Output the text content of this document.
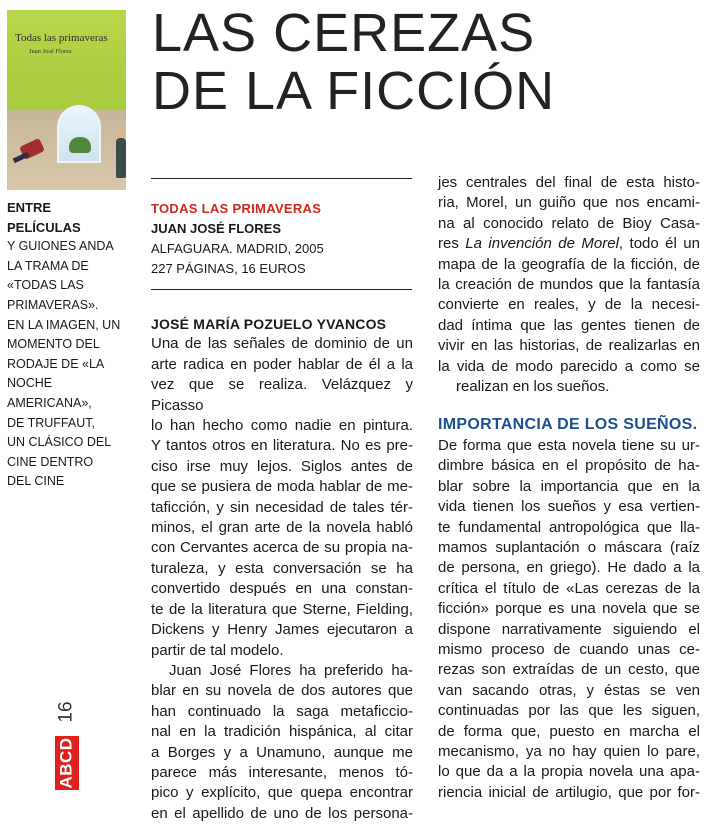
LAS CEREZAS
DE LA FICCIÓN
Todas las primaveras
Juan José Flores
ENTRE
PELÍCULAS
Y GUIONES ANDA
LA TRAMA DE
«TODAS LAS
PRIMAVERAS».
EN LA IMAGEN, UN
MOMENTO DEL
RODAJE DE «LA
NOCHE
AMERICANA»,
DE TRUFFAUT,
UN CLÁSICO DEL
CINE DENTRO
DEL CINE
16
ABCD
TODAS LAS PRIMAVERAS
JUAN JOSÉ FLORES
ALFAGUARA. MADRID, 2005
227 PÁGINAS, 16 EUROS
JOSÉ MARÍA POZUELO YVANCOS
Una de las señales de dominio de un
arte radica en poder hablar de él a la
vez que se realiza. Velázquez y Picasso
lo han hecho como nadie en pintura.
Y tantos otros en literatura. No es pre-
ciso irse muy lejos. Siglos antes de
que se pusiera de moda hablar de me-
taficción, y sin necesidad de tales tér-
minos, el gran arte de la novela habló
con Cervantes acerca de su propia na-
turaleza, y esta conversación se ha
convertido después en una constan-
te de la literatura que Sterne, Fielding,
Dickens y Henry James ejecutaron a
partir de tal modelo.
Juan José Flores ha preferido ha-
blar en su novela de dos autores que
han continuado la saga metaficcio-
nal en la tradición hispánica, al citar
a Borges y a Unamuno, aunque me
parece más interesante, menos tó-
pico y explícito, que quepa encontrar
en el apellido de uno de los persona-
jes centrales del final de esta histo-
ria, Morel, un guiño que nos encami-
na al conocido relato de Bioy Casa-
res La invención de Morel, todo él un
mapa de la geografía de la ficción, de
la creación de mundos que la fantasía
convierte en reales, y de la necesi-
dad íntima que las gentes tienen de
vivir en las historias, de realizarlas en
la vida de modo parecido a como se
realizan en los sueños.
IMPORTANCIA DE LOS SUEÑOS.
De forma que esta novela tiene su ur-
dimbre básica en el propósito de ha-
blar sobre la importancia que en la
vida tienen los sueños y esa vertien-
te fundamental antropológica que lla-
mamos suplantación o máscara (raíz
de persona, en griego). He dado a la
crítica el título de «Las cerezas de la
ficción» porque es una novela que se
dispone narrativamente siguiendo el
mismo proceso de cuando unas ce-
rezas son extraídas de un cesto, que
van sacando otras, y éstas se ven
continuadas por las que les siguen,
de forma que, puesto en marcha el
mecanismo, ya no hay quien lo pare,
lo que da a la propia novela una apa-
riencia inicial de artilugio, que por for-
